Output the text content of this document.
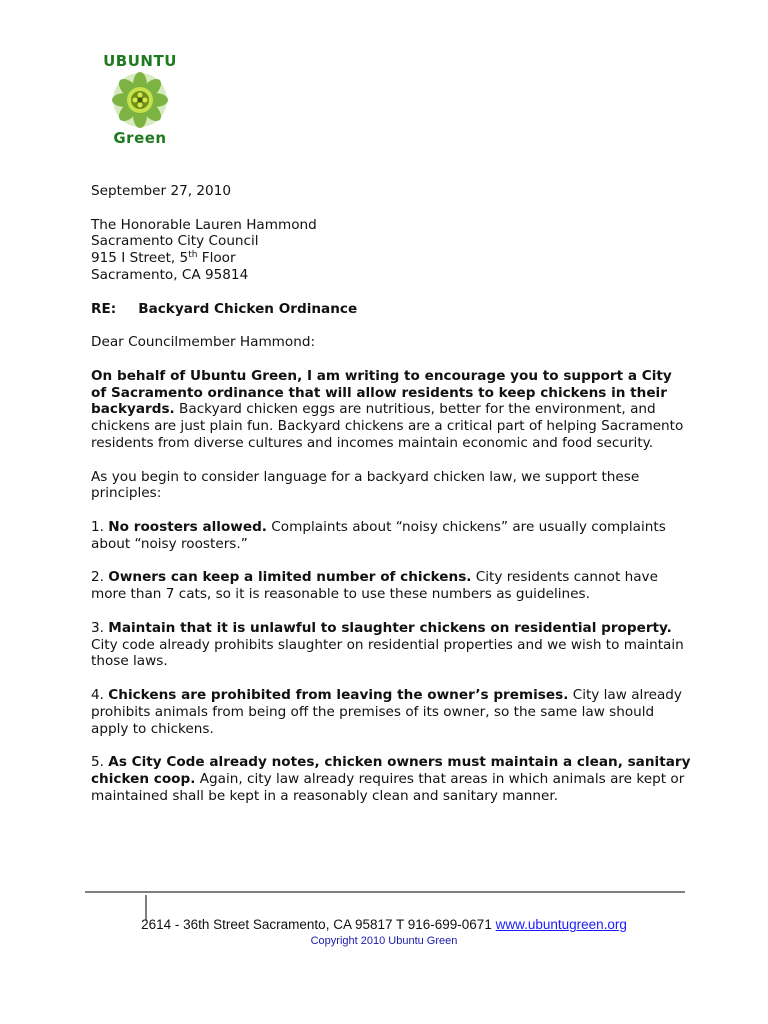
UBUNTU
Green

September 27, 2010

The Honorable Lauren Hammond

Sacramento City Council

915 I Street, 5th Floor

Sacramento, CA 95814

RE: Backyard Chicken Ordinance

Dear Councilmember Hammond:

On behalf of Ubuntu Green, I am writing to encourage you to support a City of Sacramento ordinance that will allow residents to keep chickens in their backyards. Backyard chicken eggs are nutritious, better for the environment, and chickens are just plain fun. Backyard chickens are a critical part of helping Sacramento residents from diverse cultures and incomes maintain economic and food security.

As you begin to consider language for a backyard chicken law, we support these principles:

1. No roosters allowed. Complaints about “noisy chickens” are usually complaints about “noisy roosters.”

2. Owners can keep a limited number of chickens. City residents cannot have more than 7 cats, so it is reasonable to use these numbers as guidelines.

3. Maintain that it is unlawful to slaughter chickens on residential property. City code already prohibits slaughter on residential properties and we wish to maintain those laws.

4. Chickens are prohibited from leaving the owner’s premises. City law already prohibits animals from being off the premises of its owner, so the same law should apply to chickens.

5. As City Code already notes, chicken owners must maintain a clean, sanitary chicken coop. Again, city law already requires that areas in which animals are kept or maintained shall be kept in a reasonably clean and sanitary manner.

2614 - 36th Street Sacramento, CA 95817 T 916-699-0671 www.ubuntugreen.org
Copyright 2010 Ubuntu Green
